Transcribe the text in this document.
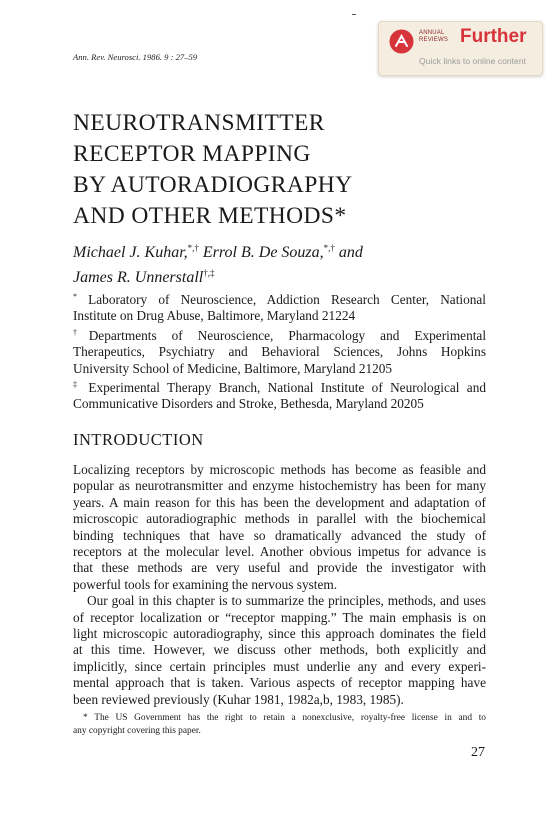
Ann. Rev. Neurosci. 1986. 9 : 27–59
ANNUAL
REVIEWS Further
Quick links to online content
NEUROTRANSMITTER
RECEPTOR MAPPING
BY AUTORADIOGRAPHY
AND OTHER METHODS*
Michael J. Kuhar,*,† Errol B. De Souza,*,† and
James R. Unnerstall†,‡
* Laboratory of Neuroscience, Addiction Research Center, National
Institute on Drug Abuse, Baltimore, Maryland 21224
†Departments of Neuroscience, Pharmacology and Experimental
Therapeutics, Psychiatry and Behavioral Sciences, Johns Hopkins
University School of Medicine, Baltimore, Maryland 21205
‡ Experimental Therapy Branch, National Institute of Neurological and
Communicative Disorders and Stroke, Bethesda, Maryland 20205
INTRODUCTION
Localizing receptors by microscopic methods has become as feasible and
popular as neurotransmitter and enzyme histochemistry has been for many
years. A main reason for this has been the development and adaptation of
microscopic autoradiographic methods in parallel with the biochemical
binding techniques that have so dramatically advanced the study of
receptors at the molecular level. Another obvious impetus for advance is
that these methods are very useful and provide the investigator with
powerful tools for examining the nervous system.
Our goal in this chapter is to summarize the principles, methods, and uses
of receptor localization or “receptor mapping.” The main emphasis is on
light microscopic autoradiography, since this approach dominates the field
at this time. However, we discuss other methods, both explicitly and
implicitly, since certain principles must underlie any and every experi-
mental approach that is taken. Various aspects of receptor mapping have
been reviewed previously (Kuhar 1981, 1982a,b, 1983, 1985).
* The US Government has the right to retain a nonexclusive, royalty-free license in and to
any copyright covering this paper.
27
